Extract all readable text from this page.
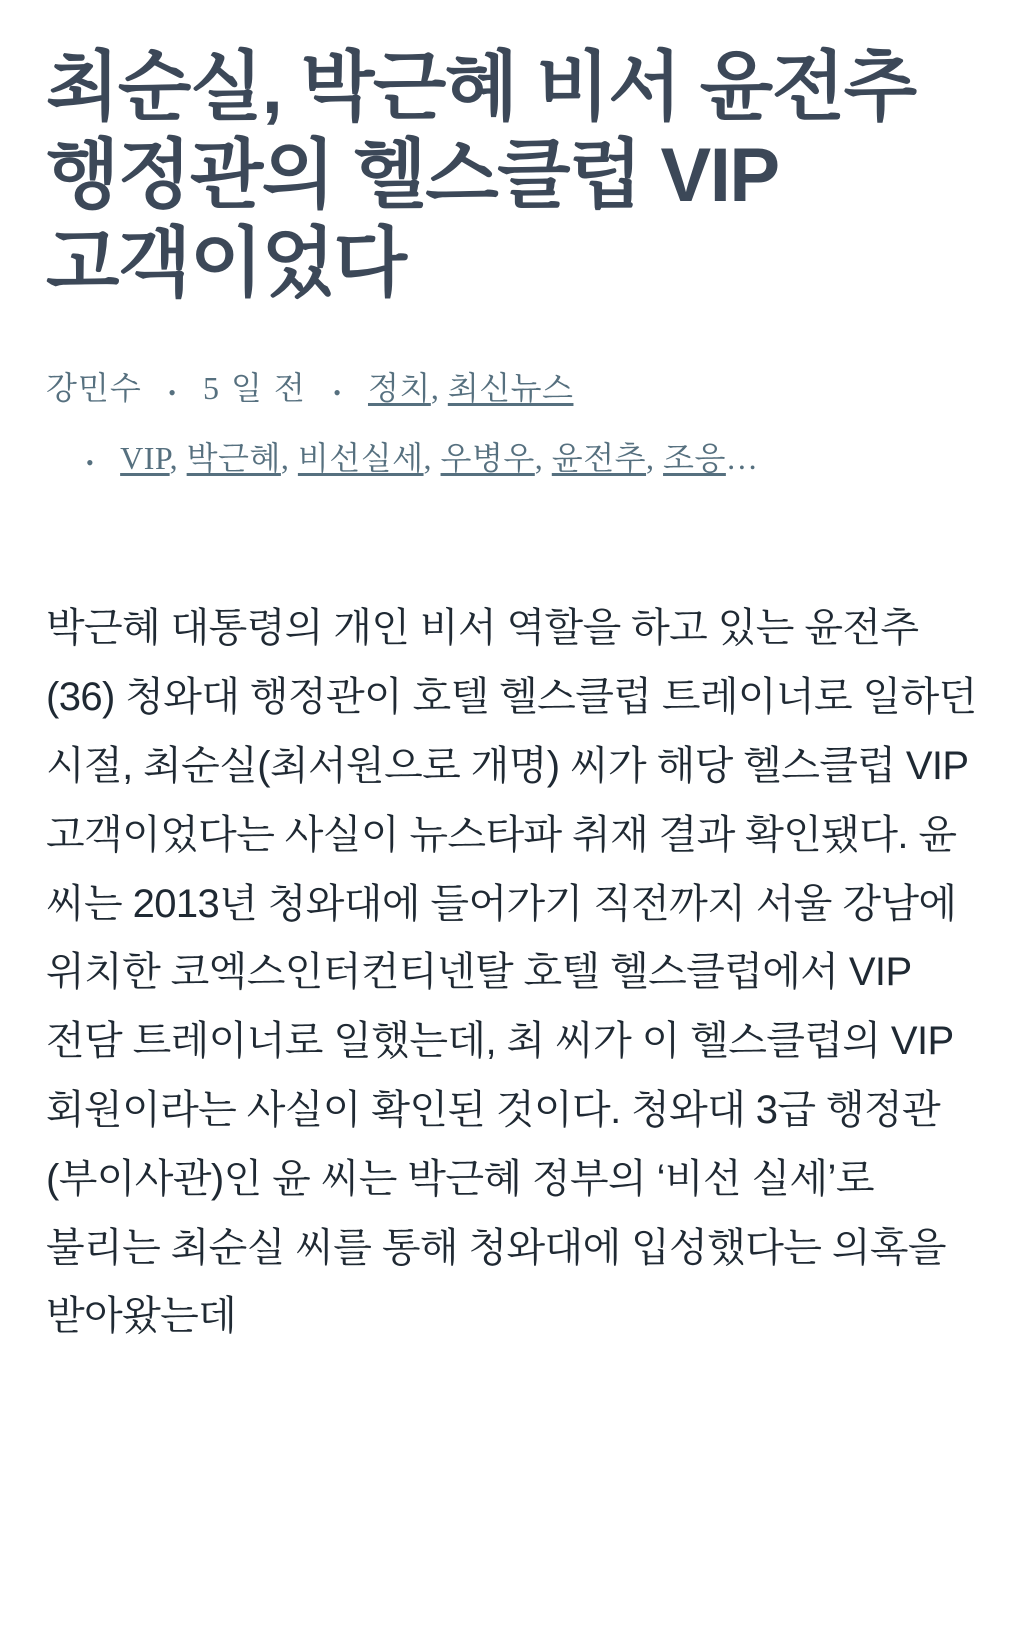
최순실, 박근혜 비서 윤전추 행정관의 헬스클럽 VIP 고객이었다
강민수 • 5 일 전 • 정치, 최신뉴스
• VIP, 박근혜, 비선실세, 우병우, 윤전추, 조응…

박근혜 대통령의 개인 비서 역할을 하고 있는 윤전추(36) 청와대 행정관이 호텔 헬스클럽 트레이너로 일하던 시절, 최순실(최서원으로 개명) 씨가 해당 헬스클럽 VIP 고객이었다는 사실이 뉴스타파 취재 결과 확인됐다. 윤 씨는 2013년 청와대에 들어가기 직전까지 서울 강남에 위치한 코엑스인터컨티넨탈 호텔 헬스클럽에서 VIP 전담 트레이너로 일했는데, 최 씨가 이 헬스클럽의 VIP 회원이라는 사실이 확인된 것이다. 청와대 3급 행정관(부이사관)인 윤 씨는 박근혜 정부의 ‘비선 실세’로 불리는 최순실 씨를 통해 청와대에 입성했다는 의혹을 받아왔는데
